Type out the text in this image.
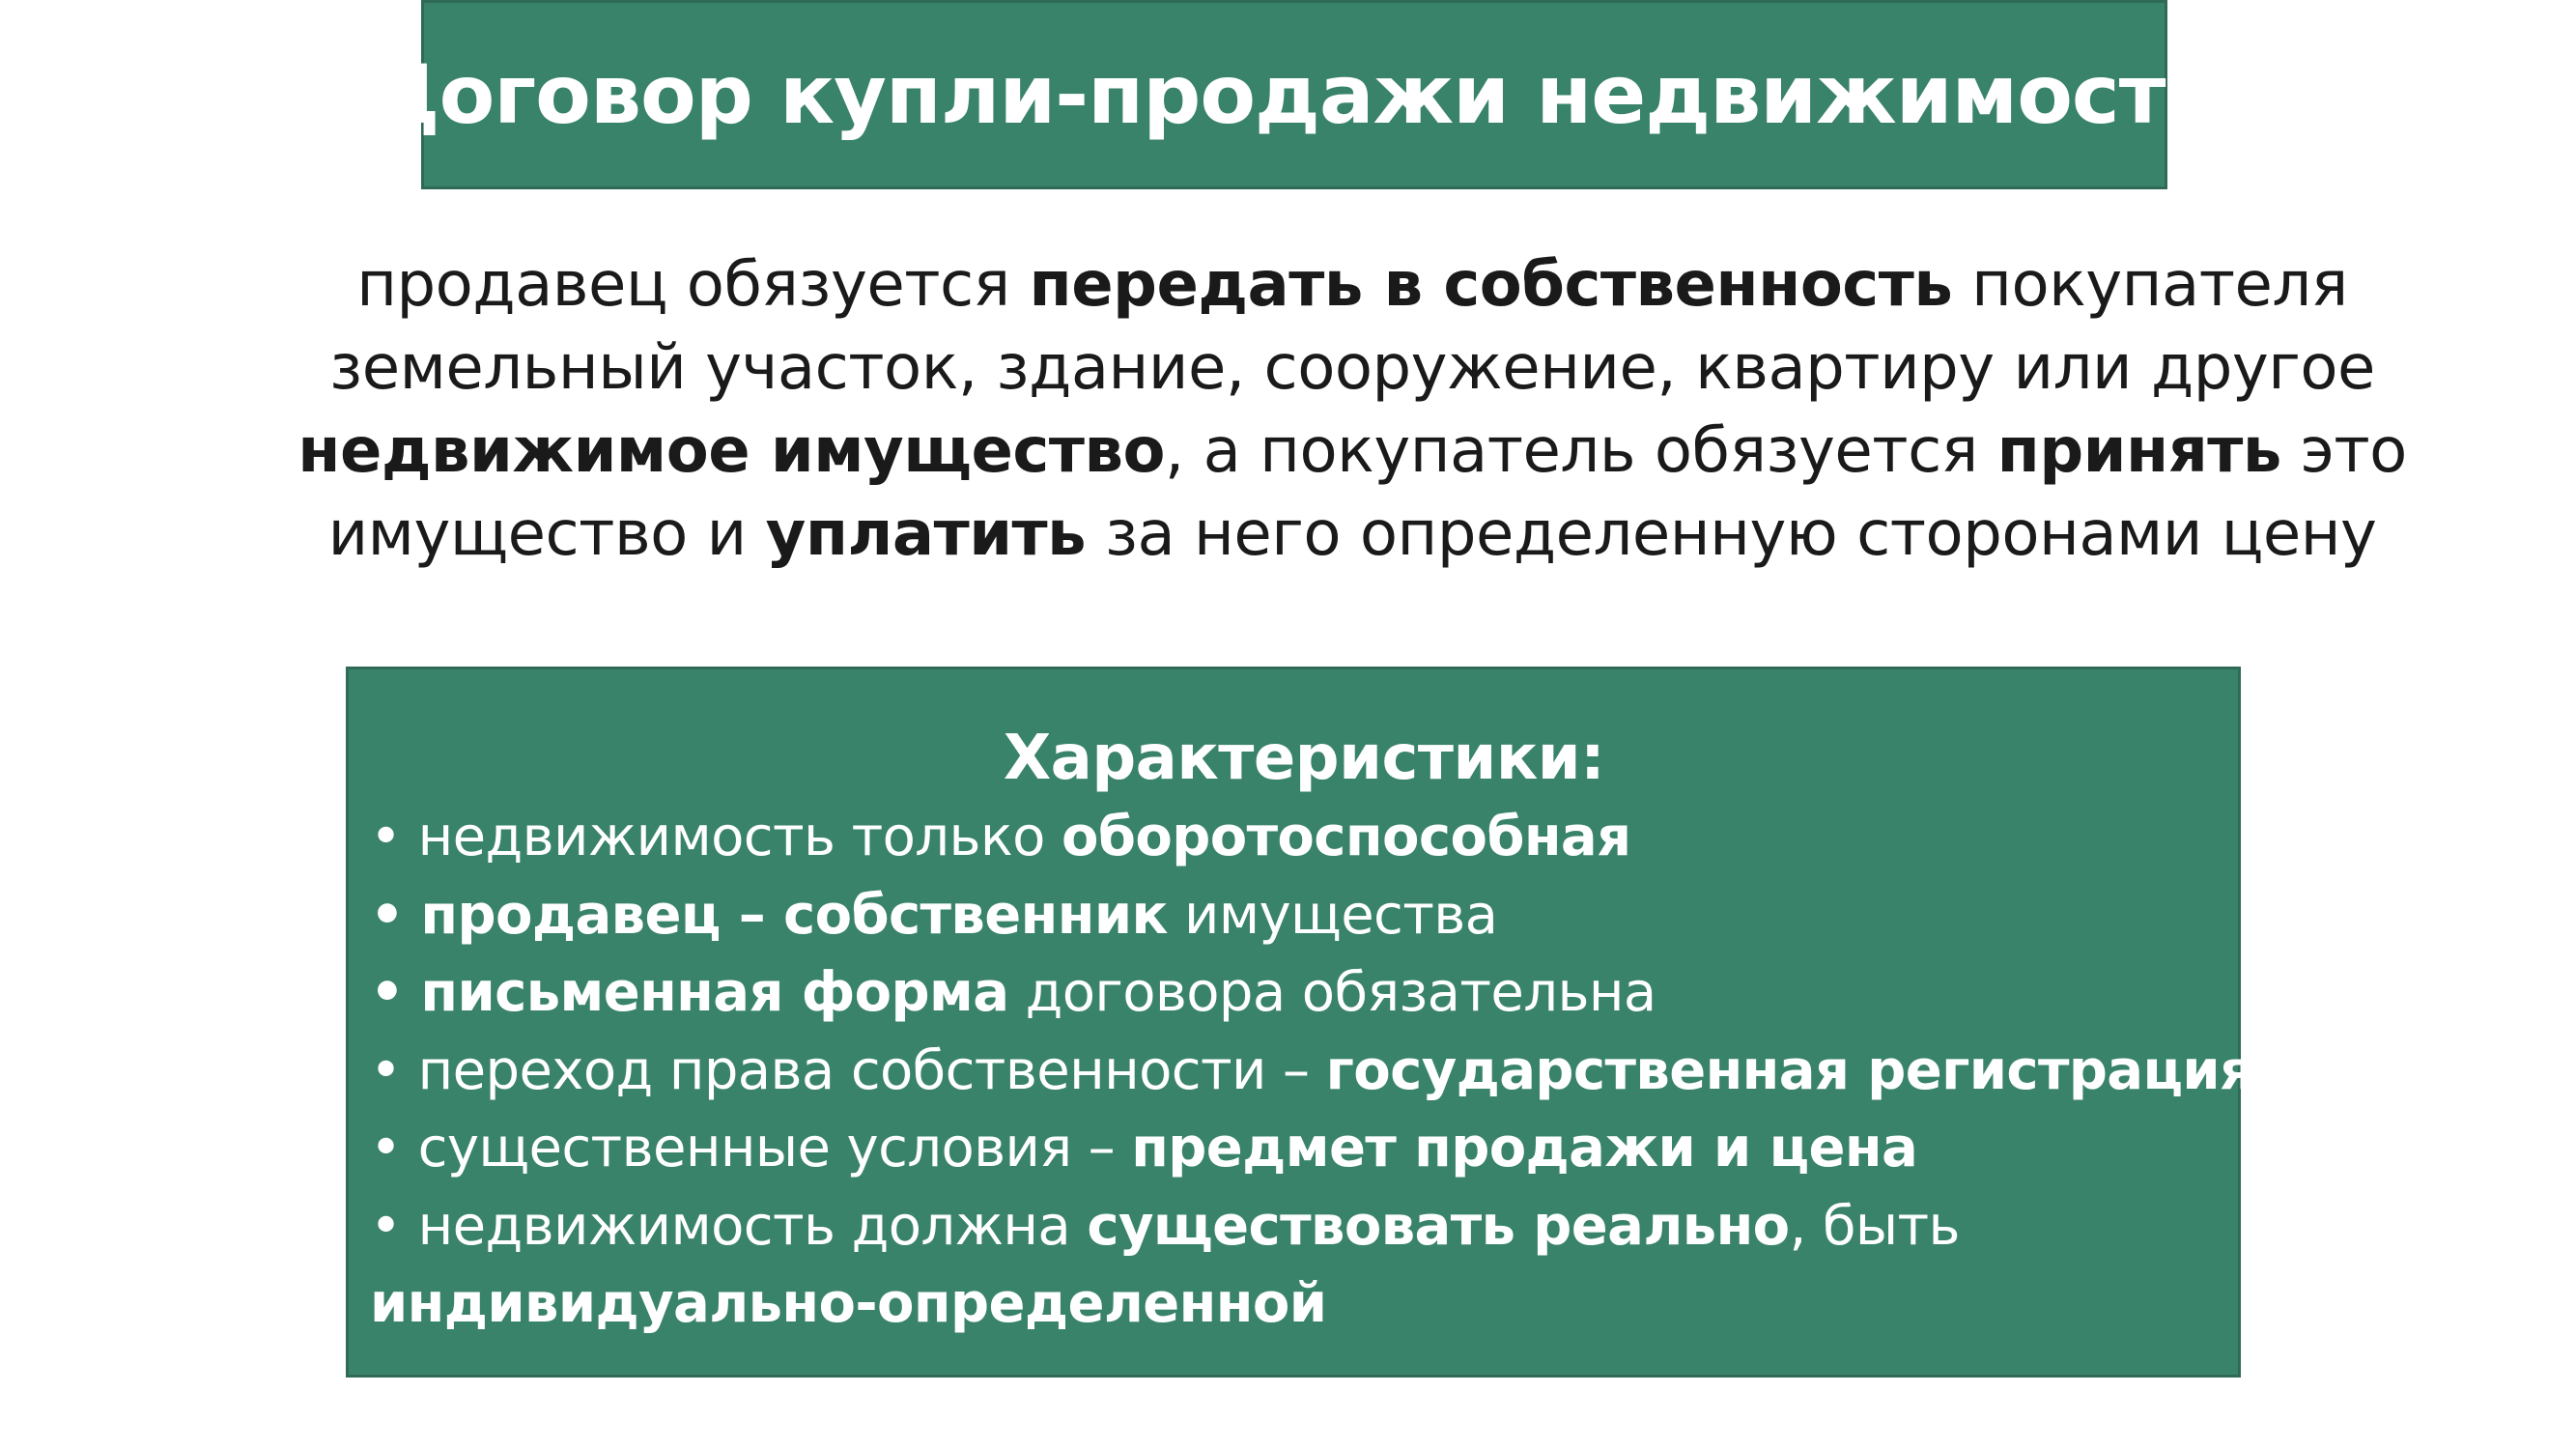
Договор купли-продажи недвижимости
продавец обязуется передать в собственность покупателя
земельный участок, здание, сооружение, квартиру или другое
недвижимое имущество, а покупатель обязуется принять это
имущество и уплатить за него определенную сторонами цену
Характеристики:
• недвижимость только оборотоспособная
• продавец – собственник имущества
• письменная форма договора обязательна
• переход права собственности – государственная регистрация
• существенные условия – предмет продажи и цена
• недвижимость должна существовать реально, быть
индивидуально-определенной
